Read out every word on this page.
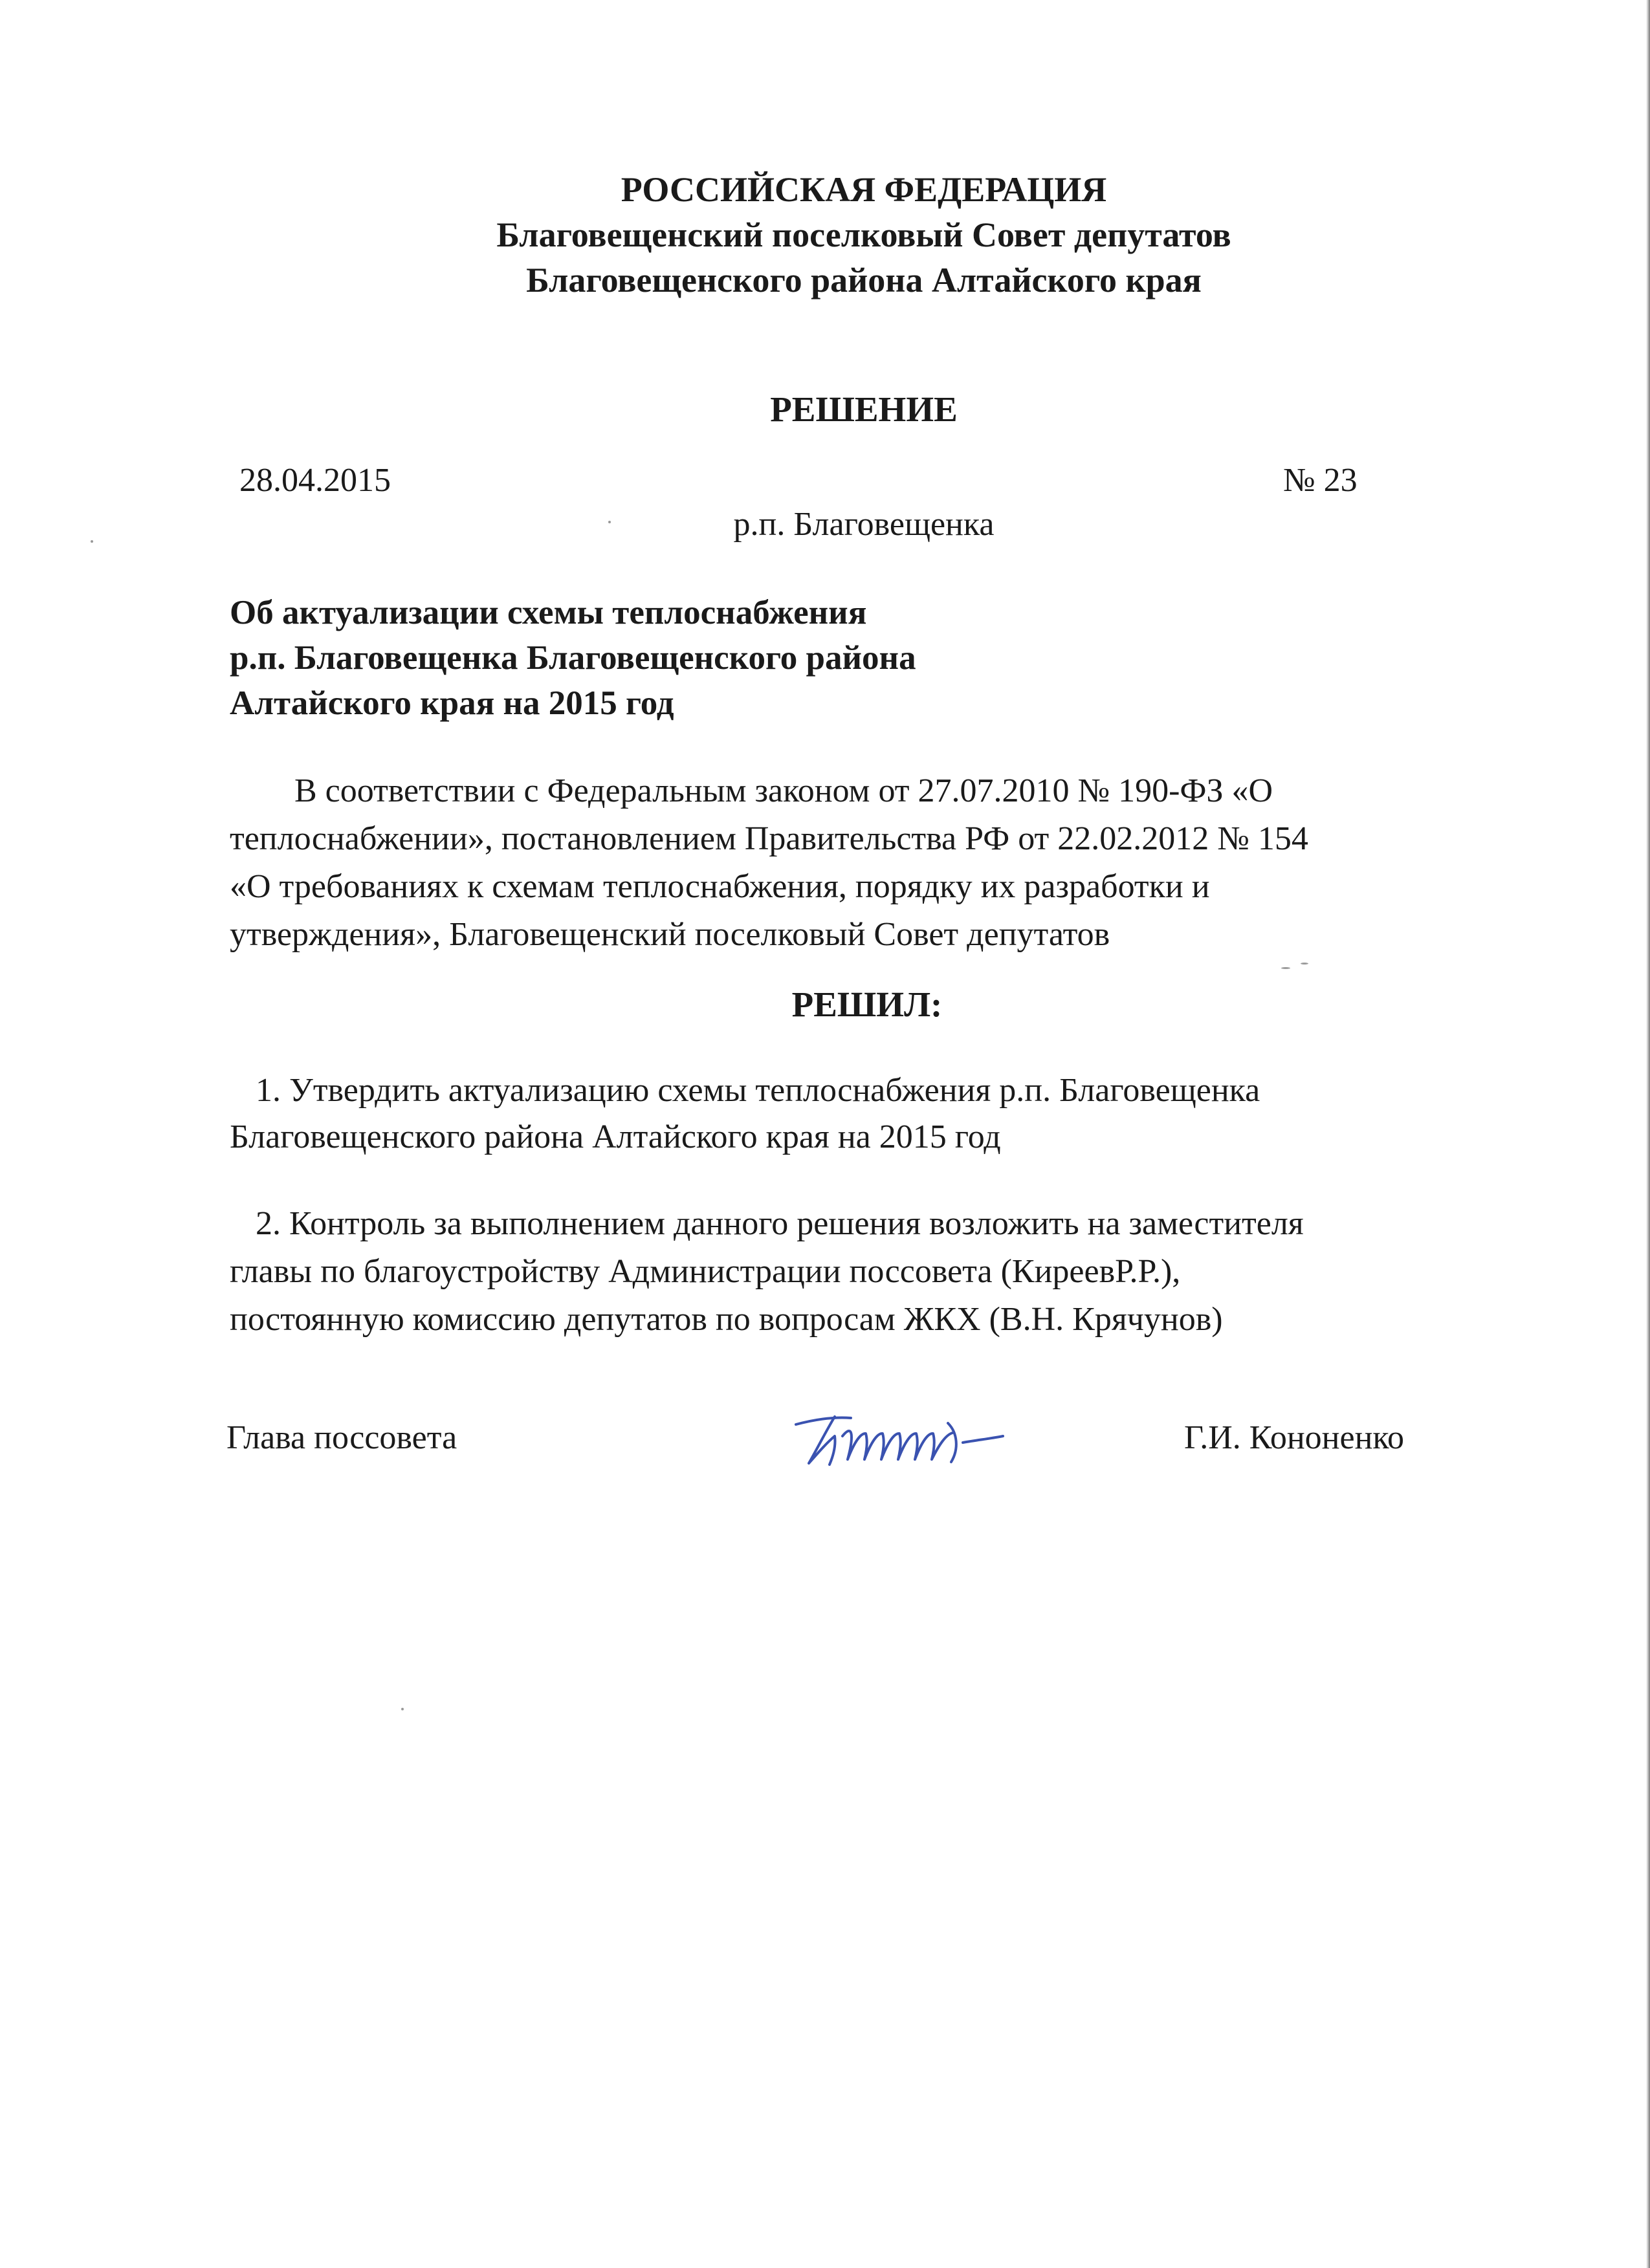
РОССИЙСКАЯ ФЕДЕРАЦИЯ
Благовещенский поселковый Совет депутатов
Благовещенского района Алтайского края
РЕШЕНИЕ
28.04.2015	№ 23
р.п. Благовещенка
Об актуализации схемы теплоснабжения
р.п. Благовещенка Благовещенского района
Алтайского края на 2015 год
В соответствии с Федеральным законом от 27.07.2010 № 190-ФЗ «О
теплоснабжении», постановлением Правительства РФ от 22.02.2012 № 154
«О требованиях к схемам теплоснабжения, порядку их разработки и
утверждения», Благовещенский поселковый Совет депутатов
РЕШИЛ:
1. Утвердить актуализацию схемы теплоснабжения р.п. Благовещенка
Благовещенского района Алтайского края на 2015 год
2. Контроль за выполнением данного решения возложить на заместителя
главы по благоустройству Администрации поссовета (КиреевР.Р.),
постоянную комиссию депутатов по вопросам ЖКХ (В.Н. Крячунов)
Глава поссовета	Г.И. Кононенко
